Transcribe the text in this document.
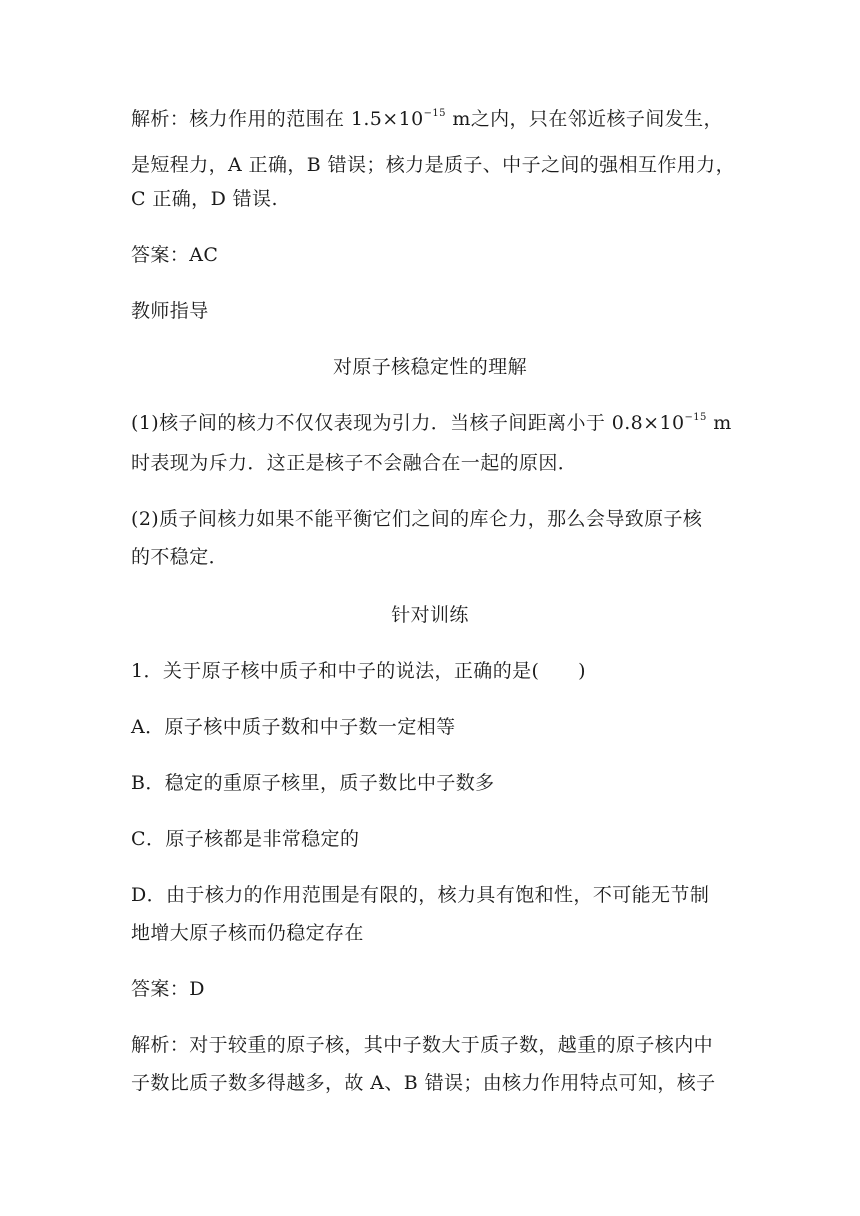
解析：核力作用的范围在 $1.5\times 10^{-15}$ m之内，只在邻近核子间发生，
是短程力，A 正确，B 错误；核力是质子、中子之间的强相互作用力，
C 正确，D 错误.
答案：AC
教师指导
对原子核稳定性的理解
(1)核子间的核力不仅仅表现为引力．当核子间距离小于 $0.8\times 10^{-15}$ m
时表现为斥力．这正是核子不会融合在一起的原因．
(2)质子间核力如果不能平衡它们之间的库仑力，那么会导致原子核
的不稳定．
针对训练
1．关于原子核中质子和中子的说法，正确的是(　　)
A．原子核中质子数和中子数一定相等
B．稳定的重原子核里，质子数比中子数多
C．原子核都是非常稳定的
D．由于核力的作用范围是有限的，核力具有饱和性，不可能无节制
地增大原子核而仍稳定存在
答案：D
解析：对于较重的原子核，其中子数大于质子数，越重的原子核内中
子数比质子数多得越多，故 A、B 错误；由核力作用特点可知，核子
